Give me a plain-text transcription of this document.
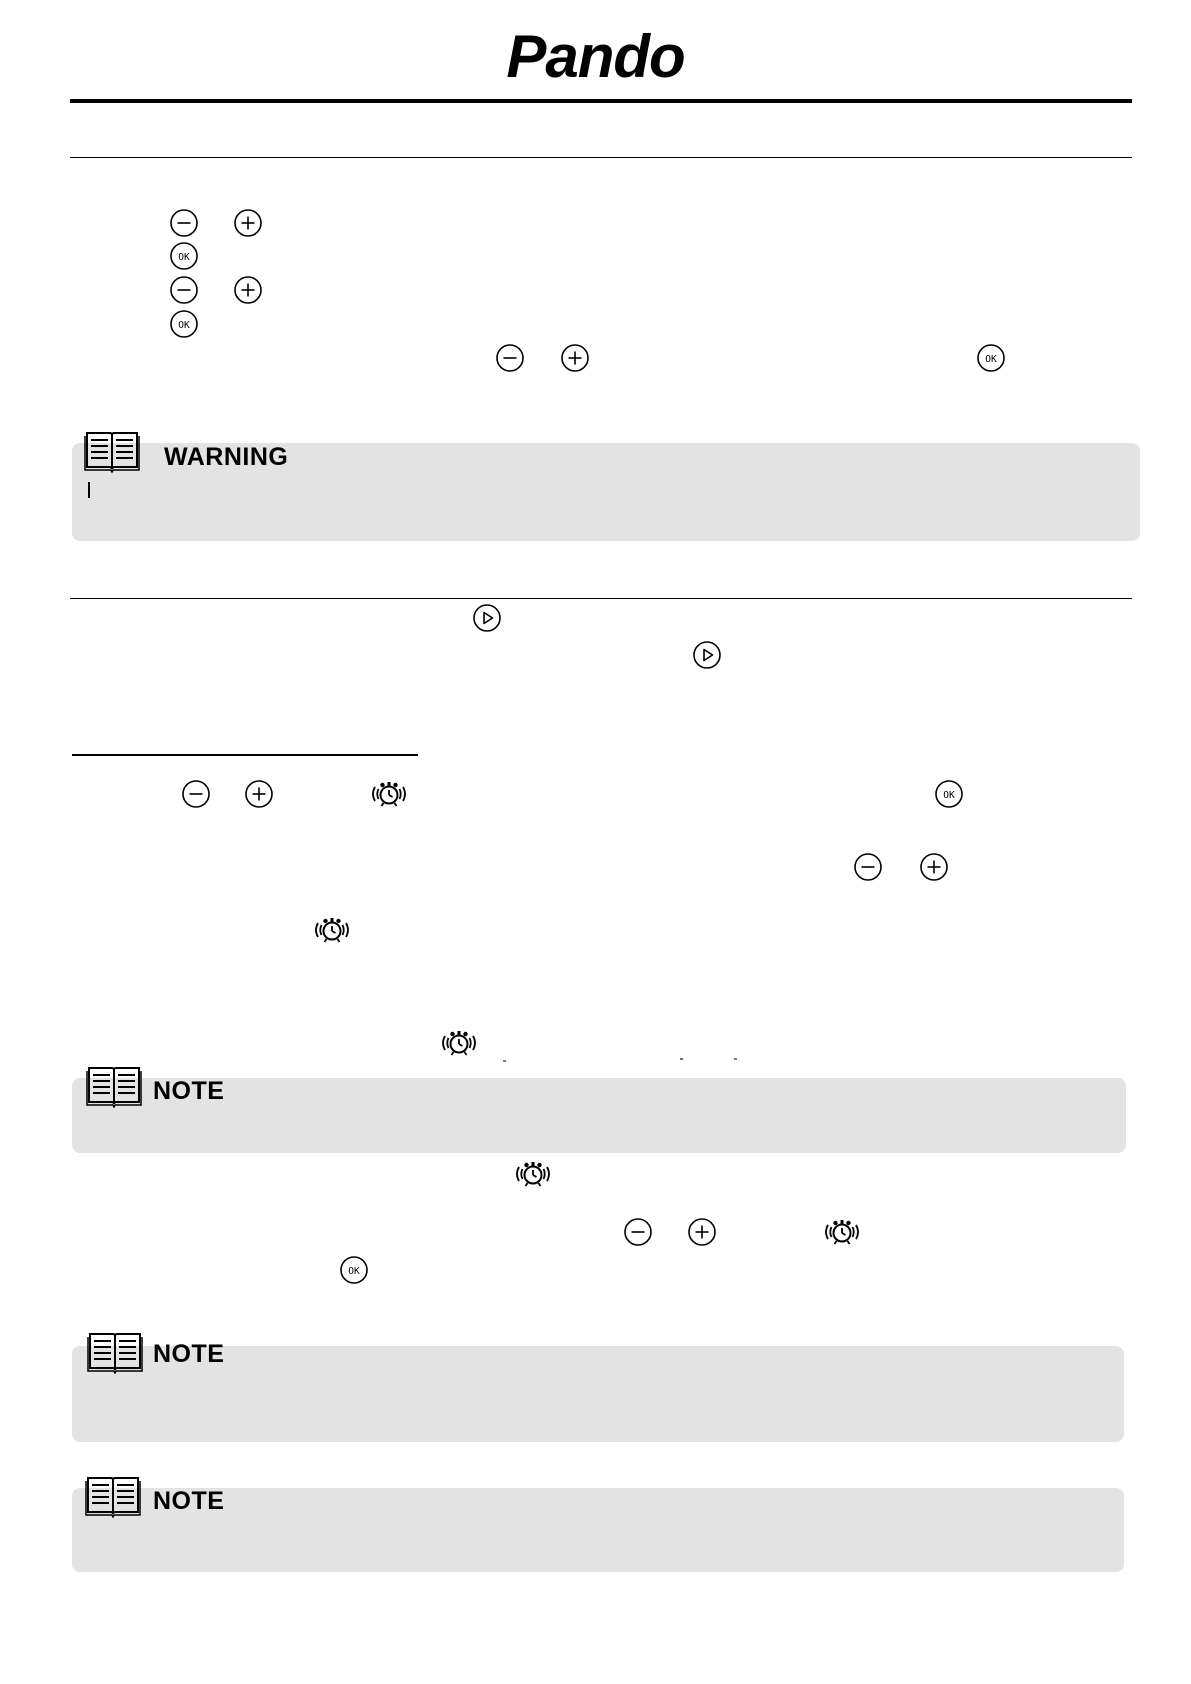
Pando
OK
OK
OK
WARNING
OK
NOTE
OK
NOTE
NOTE
